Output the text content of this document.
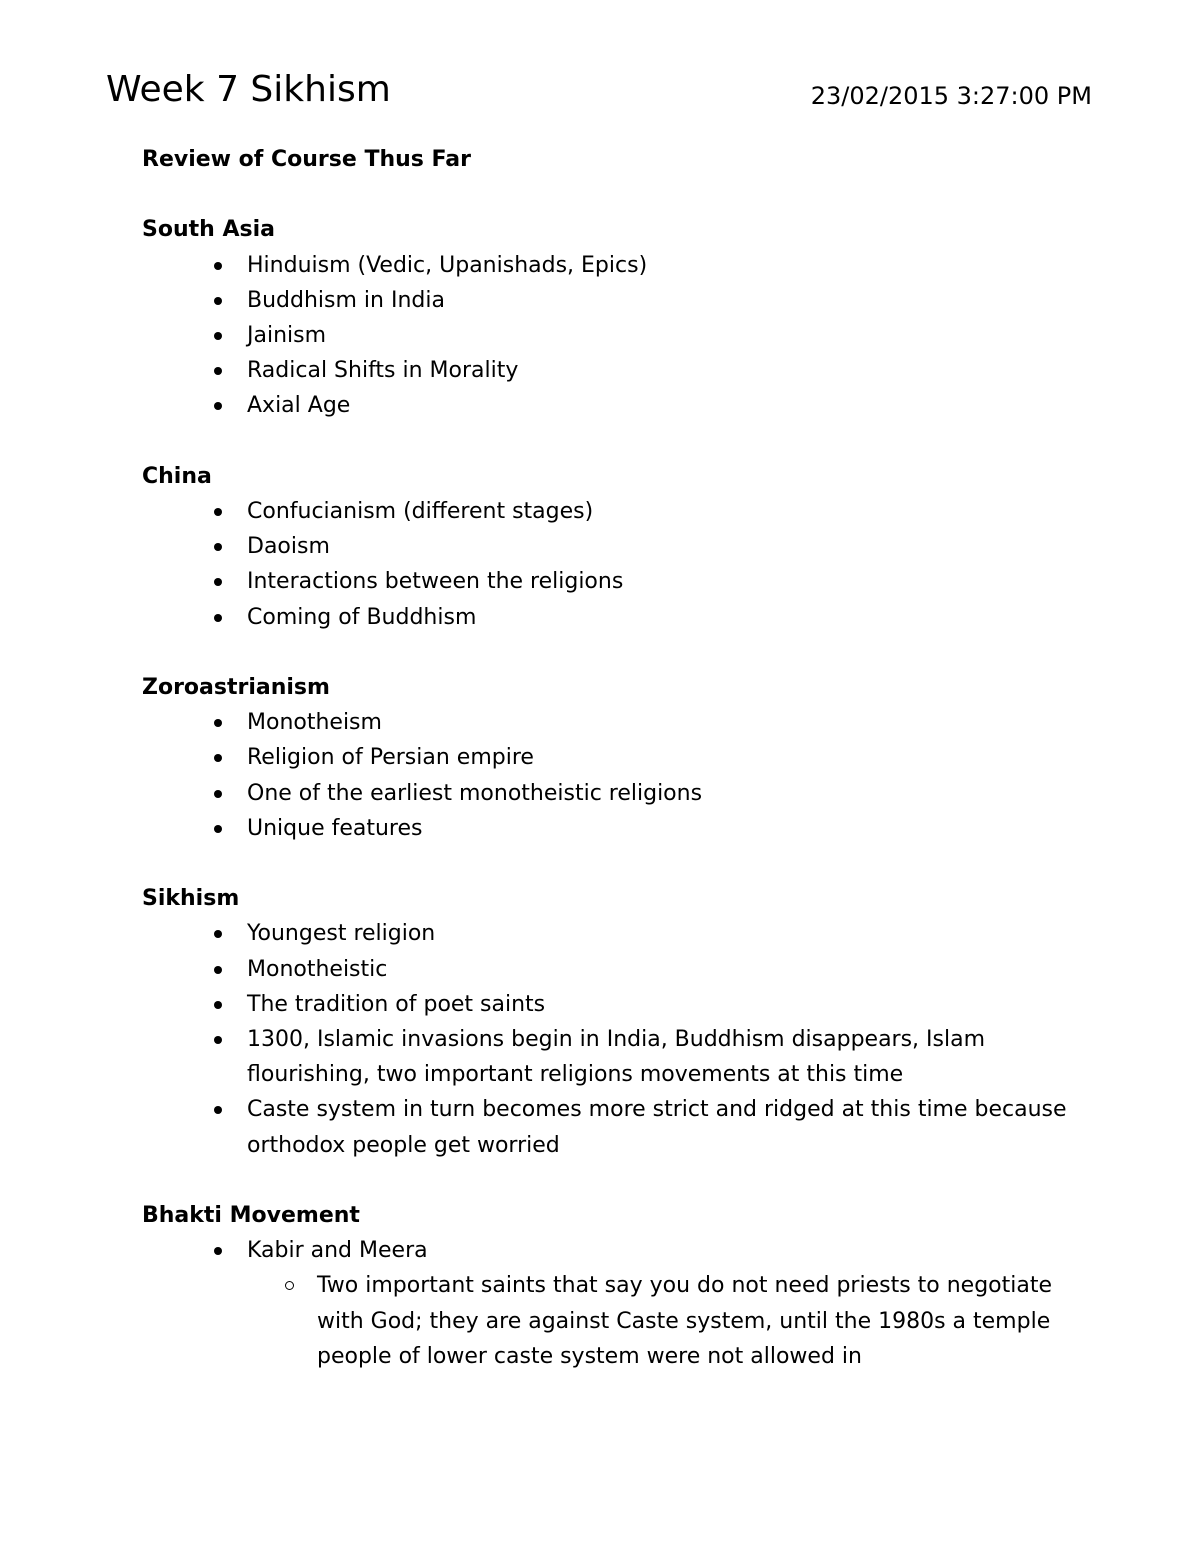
Week 7 Sikhism	23/02/2015 3:27:00 PM

Review of Course Thus Far

South Asia

Hinduism (Vedic, Upanishads, Epics)
Buddhism in India
Jainism
Radical Shifts in Morality
Axial Age

China

Confucianism (different stages)
Daoism
Interactions between the religions
Coming of Buddhism

Zoroastrianism

Monotheism
Religion of Persian empire
One of the earliest monotheistic religions
Unique features

Sikhism

Youngest religion
Monotheistic
The tradition of poet saints
1300, Islamic invasions begin in India, Buddhism disappears, Islam flourishing, two important religions movements at this time
Caste system in turn becomes more strict and ridged at this time because orthodox people get worried

Bhakti Movement

Kabir and Meera
Two important saints that say you do not need priests to negotiate with God; they are against Caste system, until the 1980s a temple people of lower caste system were not allowed in
